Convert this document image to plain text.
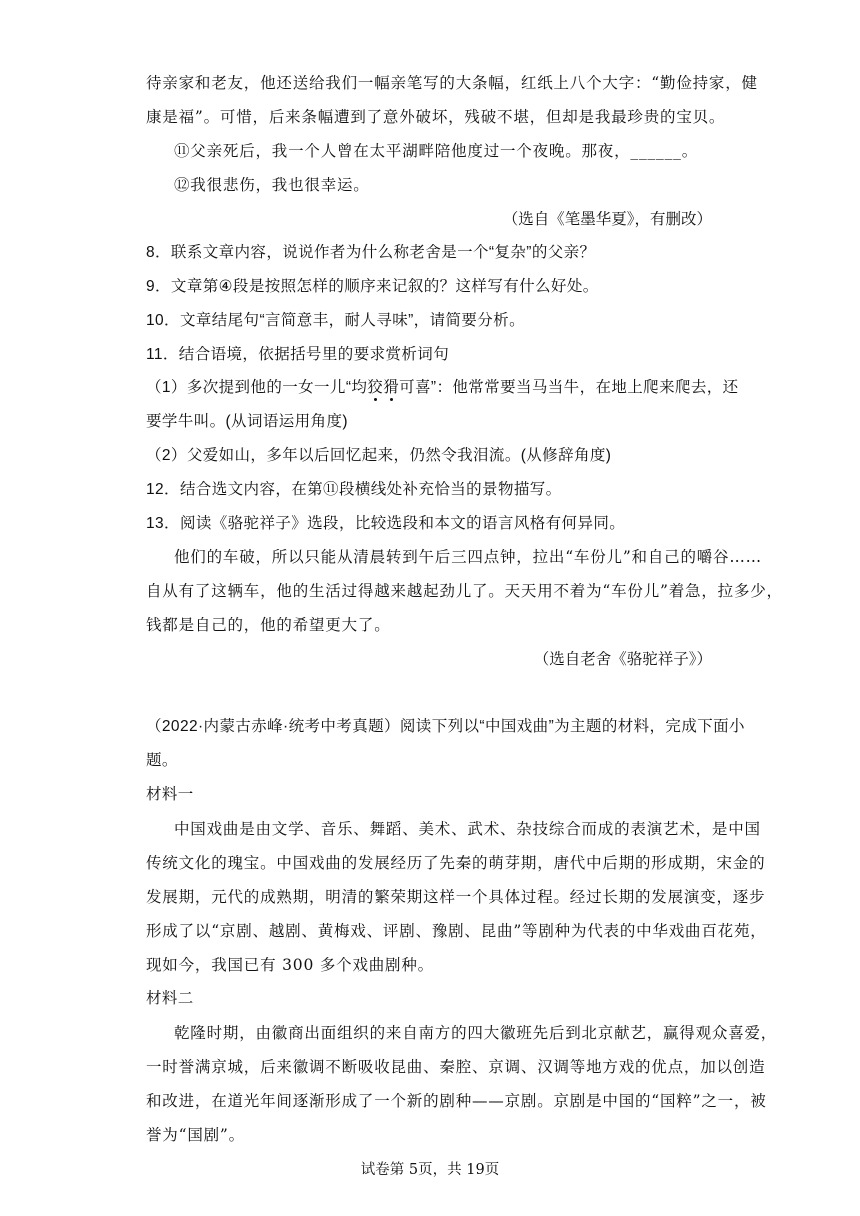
待亲家和老友，他还送给我们一幅亲笔写的大条幅，红纸上八个大字：“勤俭持家，健
康是福”。可惜，后来条幅遭到了意外破坏，残破不堪，但却是我最珍贵的宝贝。
⑪父亲死后，我一个人曾在太平湖畔陪他度过一个夜晚。那夜，______。
⑫我很悲伤，我也很幸运。
（选自《笔墨华夏》，有删改）
8．联系文章内容，说说作者为什么称老舍是一个“复杂”的父亲？
9．文章第④段是按照怎样的顺序来记叙的？这样写有什么好处。
10．文章结尾句“言简意丰，耐人寻味”，请简要分析。
11．结合语境，依据括号里的要求赏析词句
（1）多次提到他的一女一儿“均狡猾可喜”：他常常要当马当牛，在地上爬来爬去，还
要学牛叫。(从词语运用角度)
（2）父爱如山，多年以后回忆起来，仍然令我泪流。(从修辞角度)
12．结合选文内容，在第⑪段横线处补充恰当的景物描写。
13．阅读《骆驼祥子》选段，比较选段和本文的语言风格有何异同。
他们的车破，所以只能从清晨转到午后三四点钟，拉出“车份儿”和自己的嚼谷……
自从有了这辆车，他的生活过得越来越起劲儿了。天天用不着为“车份儿”着急，拉多少，
钱都是自己的，他的希望更大了。
（选自老舍《骆驼祥子》）
（2022·内蒙古赤峰·统考中考真题）阅读下列以“中国戏曲”为主题的材料，完成下面小
题。
材料一
中国戏曲是由文学、音乐、舞蹈、美术、武术、杂技综合而成的表演艺术，是中国
传统文化的瑰宝。中国戏曲的发展经历了先秦的萌芽期，唐代中后期的形成期，宋金的
发展期，元代的成熟期，明清的繁荣期这样一个具体过程。经过长期的发展演变，逐步
形成了以“京剧、越剧、黄梅戏、评剧、豫剧、昆曲”等剧种为代表的中华戏曲百花苑，
现如今，我国已有 300 多个戏曲剧种。
材料二
乾隆时期，由徽商出面组织的来自南方的四大徽班先后到北京献艺，赢得观众喜爱，
一时誉满京城，后来徽调不断吸收昆曲、秦腔、京调、汉调等地方戏的优点，加以创造
和改进，在道光年间逐渐形成了一个新的剧种——京剧。京剧是中国的“国粹”之一，被
誉为“国剧”。
试卷第 5页，共 19页
